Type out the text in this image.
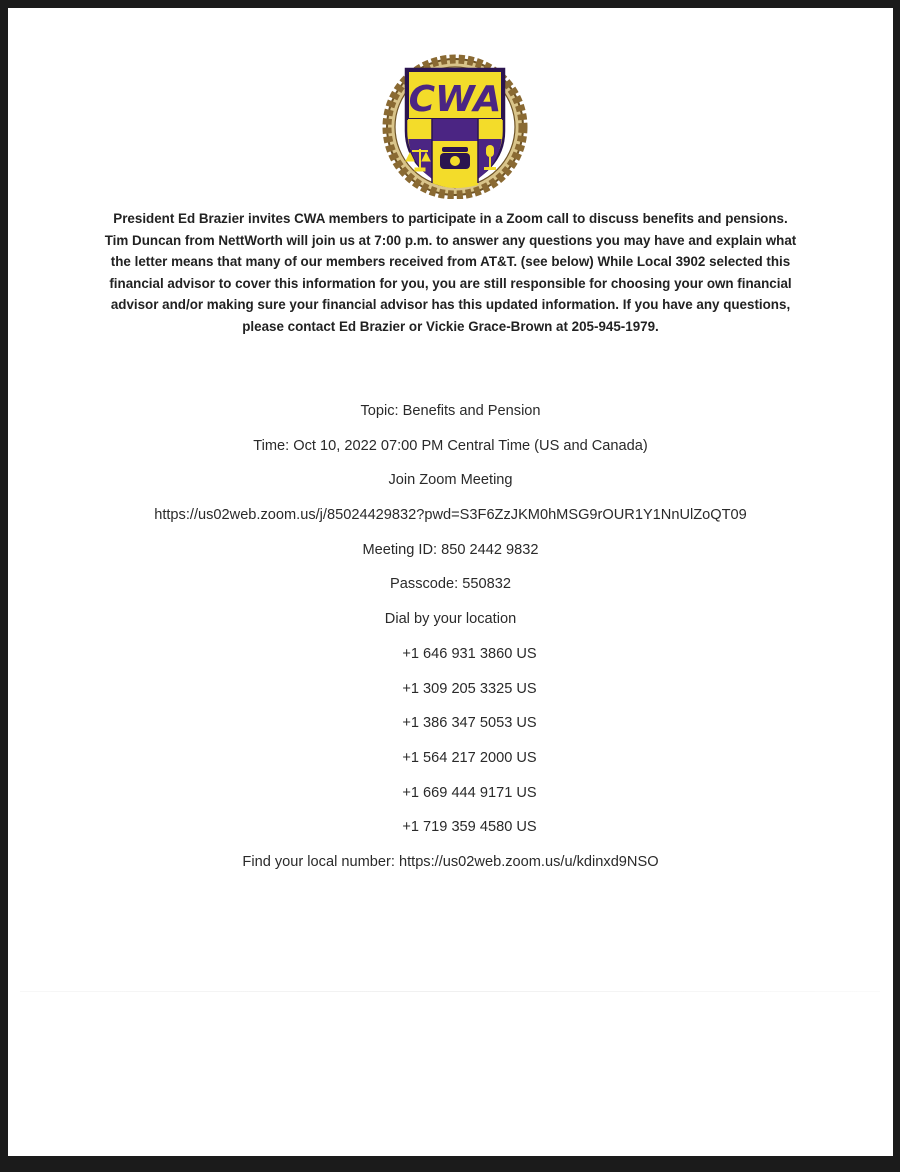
CWA

President Ed Brazier invites CWA members to participate in a Zoom call to discuss benefits and pensions. Tim Duncan from NettWorth will join us at 7:00 p.m. to answer any questions you may have and explain what the letter means that many of our members received from AT&T. (see below) While Local 3902 selected this financial advisor to cover this information for you, you are still responsible for choosing your own financial advisor and/or making sure your financial advisor has this updated information. If you have any questions, please contact Ed Brazier or Vickie Grace-Brown at 205-945-1979.

Topic: Benefits and Pension
Time: Oct 10, 2022 07:00 PM Central Time (US and Canada)
Join Zoom Meeting
https://us02web.zoom.us/j/85024429832?pwd=S3F6ZzJKM0hMSG9rOUR1Y1NnUlZoQT09
Meeting ID: 850 2442 9832
Passcode: 550832
Dial by your location
+1 646 931 3860 US
+1 309 205 3325 US
+1 386 347 5053 US
+1 564 217 2000 US
+1 669 444 9171 US
+1 719 359 4580 US
Find your local number: https://us02web.zoom.us/u/kdinxd9NSO
